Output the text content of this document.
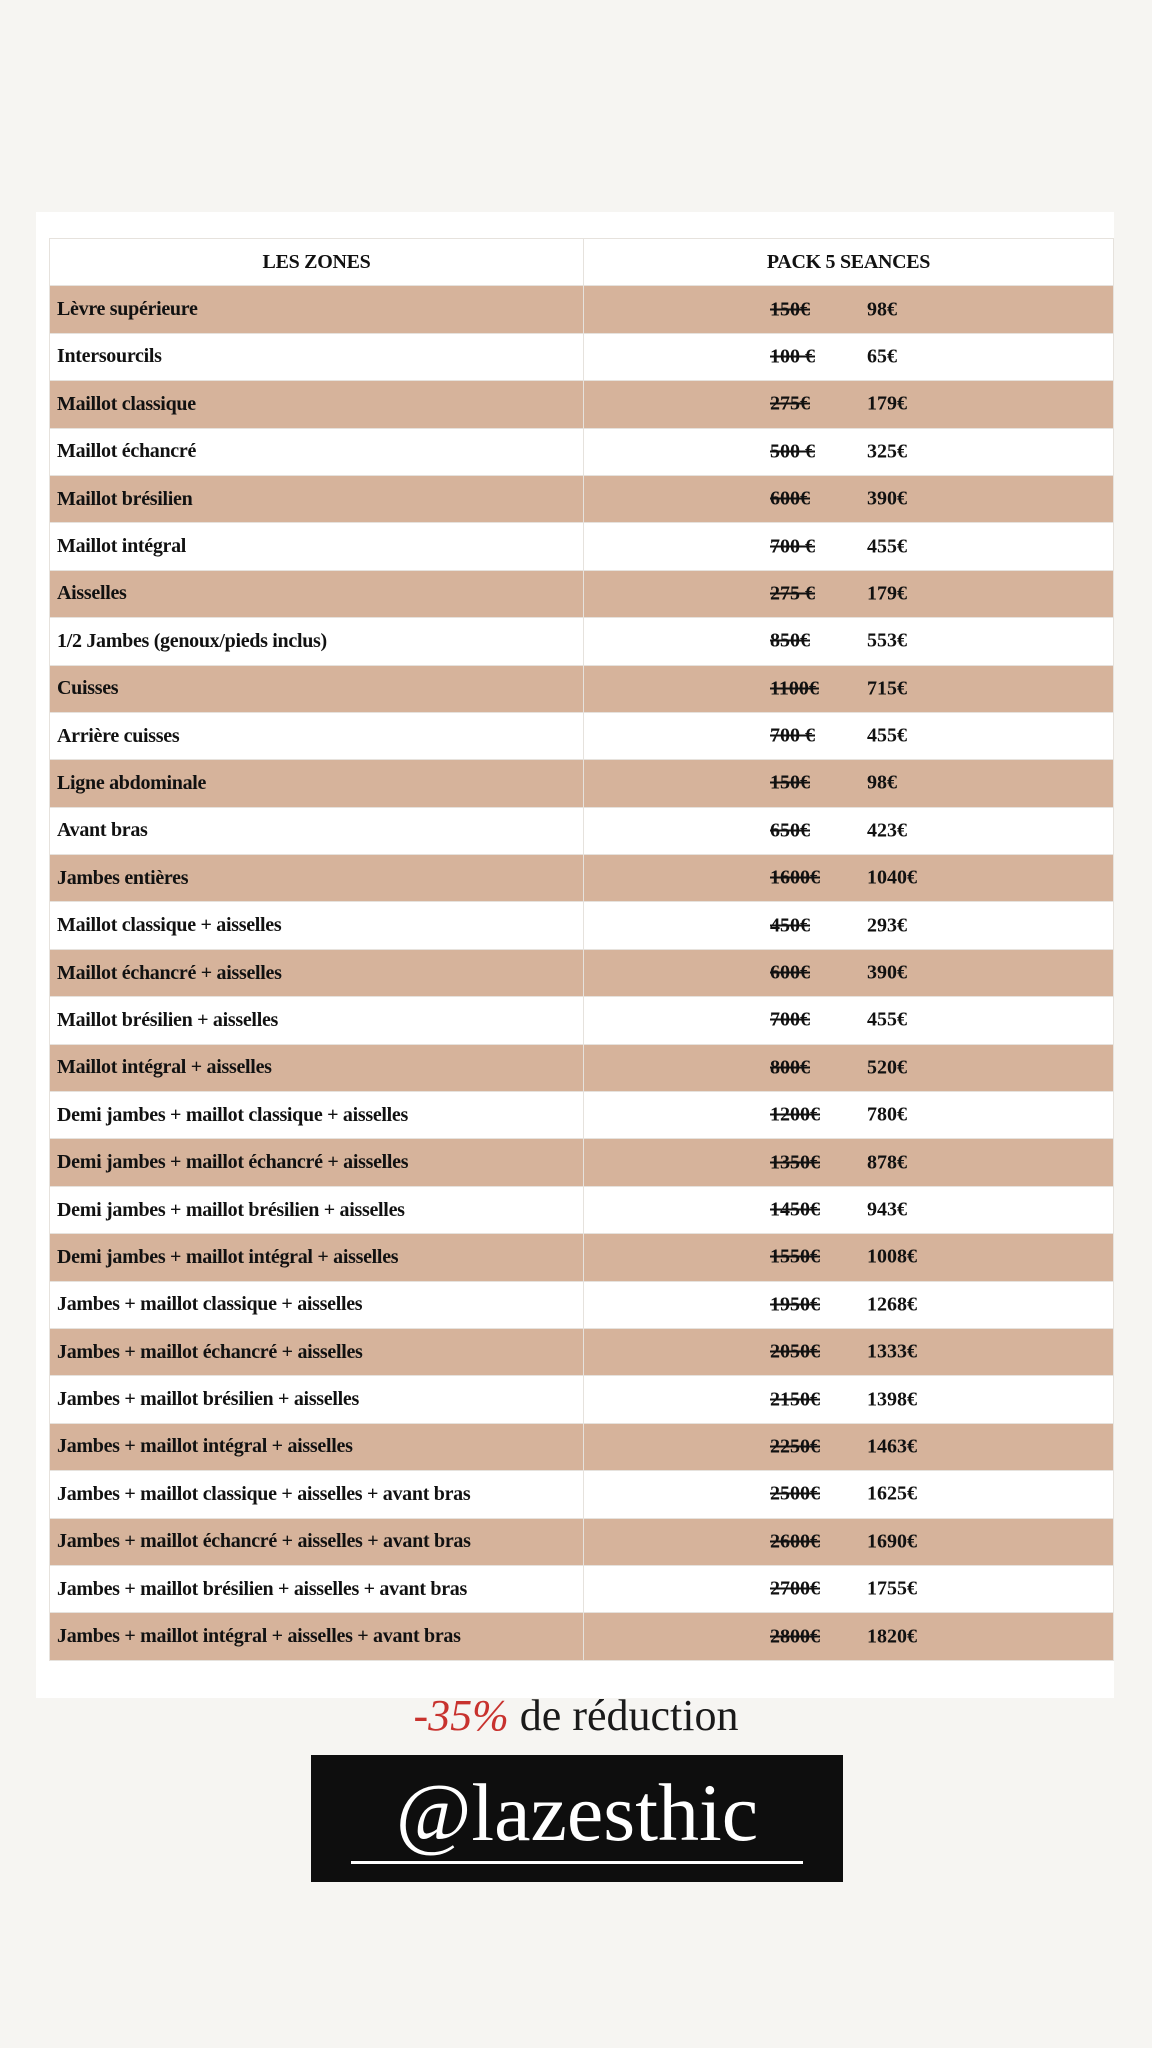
LES ZONES	PACK 5 SEANCES
Lèvre supérieure	150€ 98€

Intersourcils	100 € 65€

Maillot classique	275€ 179€

Maillot échancré	500 € 325€

Maillot brésilien	600€ 390€

Maillot intégral	700 € 455€

Aisselles	275 € 179€

1/2 Jambes (genoux/pieds inclus)	850€ 553€

Cuisses	1100€ 715€

Arrière cuisses	700 € 455€

Ligne abdominale	150€ 98€

Avant bras	650€ 423€

Jambes entières	1600€ 1040€

Maillot classique + aisselles	450€ 293€

Maillot échancré + aisselles	600€ 390€

Maillot brésilien + aisselles	700€ 455€

Maillot intégral + aisselles	800€ 520€

Demi jambes + maillot classique + aisselles	1200€ 780€

Demi jambes + maillot échancré + aisselles	1350€ 878€

Demi jambes + maillot brésilien + aisselles	1450€ 943€

Demi jambes + maillot intégral + aisselles	1550€ 1008€

Jambes + maillot classique + aisselles	1950€ 1268€

Jambes + maillot échancré + aisselles	2050€ 1333€

Jambes + maillot brésilien + aisselles	2150€ 1398€

Jambes + maillot intégral + aisselles	2250€ 1463€

Jambes + maillot classique + aisselles + avant bras	2500€ 1625€

Jambes + maillot échancré + aisselles + avant bras	2600€ 1690€

Jambes + maillot brésilien + aisselles + avant bras	2700€ 1755€

Jambes + maillot intégral + aisselles + avant bras	2800€ 1820€
-35% de réduction
@lazesthic
